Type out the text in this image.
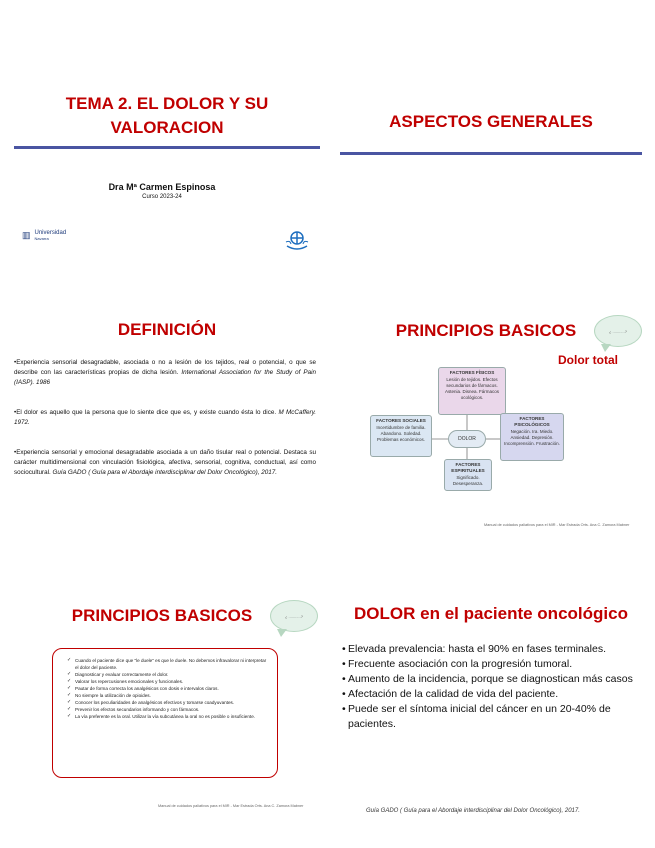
TEMA 2. EL DOLOR Y SU VALORACION
Dra Mª Carmen Espinosa
Curso 2023-24
▥ Universidad
Navarra
ASPECTOS GENERALES
DEFINICIÓN
•Experiencia sensorial desagradable, asociada o no a lesión de los tejidos, real o potencial, o que se describe con las características propias de dicha lesión. International Association for the Study of Pain (IASP). 1986
•El dolor es aquello que la persona que lo siente dice que es, y existe cuando ésta lo dice. M McCaffery. 1972.
•Experiencia sensorial y emocional desagradable asociada a un daño tisular real o potencial. Destaca su carácter multidimensional con vinculación fisiológica, afectiva, sensorial, cognitiva, conductual, así como sociocultural. Guía GADO ( Guía para el Abordaje interdisciplinar del Dolor Oncológico), 2017.
PRINCIPIOS BASICOS	¿ ...........?
Dolor total
FACTORES FÍSICOS
Lesión de tejidos. Efectos secundarios de fármacos. Astenia. Disnea. Fármacos ocológicos.
FACTORES SOCIALES
Incertidumbre de familia. Abandono. Soledad. Problemas económicos.	DOLOR
FACTORES PSICOLÓGICOS
Negación. Ira. Miedo. Ansiedad. Depresión. Incomprensión. Frustración.
FACTORES ESPIRITUALES
Significado. Desesperanza.
Manual de cuidados paliativos para el MIR - Mar Estrada Orts. Ana C. Zamora Mabner
PRINCIPIOS BASICOS	¿ ...........?
✓ Cuando el paciente dice que "le duele" es que le duele. No debemos infravalorar ni interpretar el dolor del paciente.
✓ Diagnosticar y evaluar correctamente el dolor.
✓ Valorar los repercusiones emocionales y funcionales.
✓ Pautar de forma correcta los analgésicos con dosis e intervalos claros.
✓ No siempre la utilización de opioides.
✓ Conocer los peculiaridades de analgésicos efectivos y tomarse coadyuvantes.
✓ Prevenir los efectos secundarios informando y con fármacos.
✓ La vía preferente es la oral. Utilizar la vía subcutánea la oral no es posible o insuficiente.
Manual de cuidados paliativos para el MIR - Mar Estrada Orts. Ana C. Zamora Mabner
DOLOR en el paciente oncológico
• Elevada prevalencia: hasta el 90% en fases terminales.
• Frecuente asociación con la progresión tumoral.
• Aumento de la incidencia, porque se diagnostican más casos
• Afectación de la calidad de vida del paciente.
• Puede ser el síntoma inicial del cáncer en un 20-40% de pacientes.
Guía GADO ( Guía para el Abordaje interdisciplinar del Dolor Oncológico), 2017.
